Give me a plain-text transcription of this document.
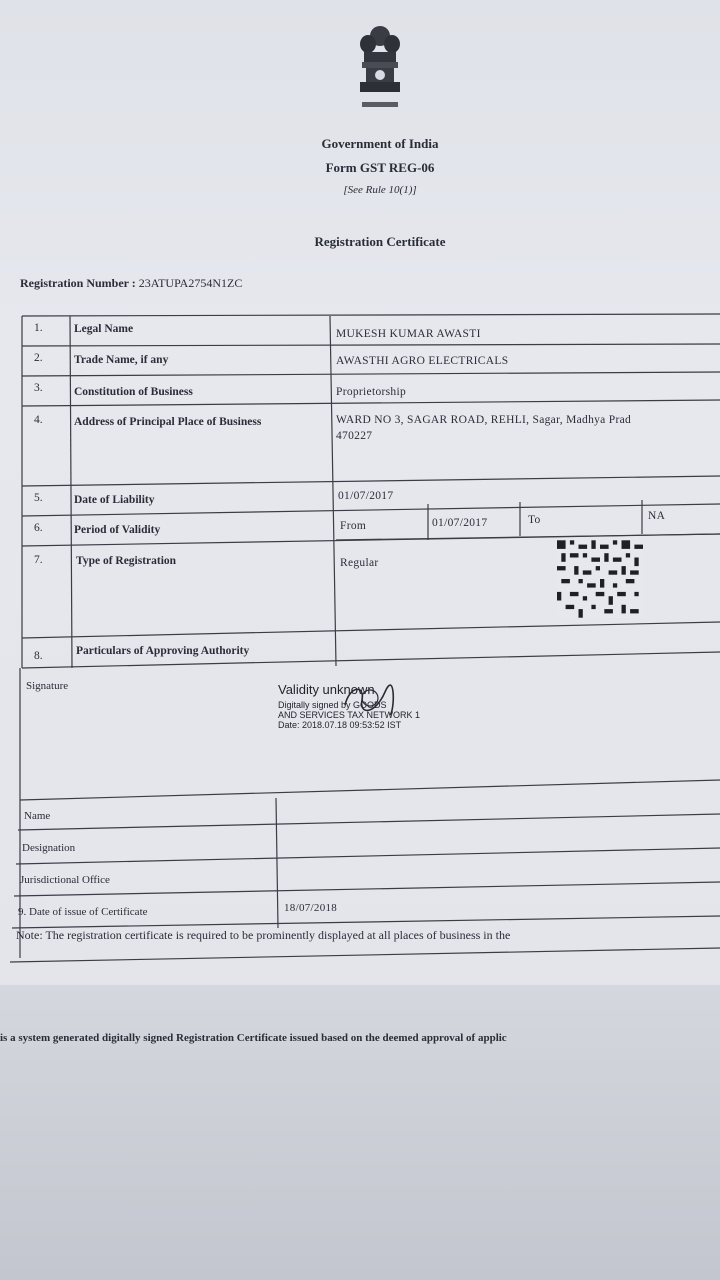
Government of India
Form GST REG-06
[See Rule 10(1)]
Registration Certificate
Registration Number : 23ATUPA2754N1ZC
1.	Legal Name	MUKESH KUMAR AWASTI
2.	Trade Name, if any	AWASTHI AGRO ELECTRICALS
3.	Constitution of Business	Proprietorship
4.	Address of Principal Place of Business	WARD NO 3, SAGAR ROAD, REHLI, Sagar, Madhya Prad
470227
5.	Date of Liability	01/07/2017
6.	Period of Validity	From	01/07/2017	To	NA
7.	Type of Registration	Regular
8.	Particulars of Approving Authority
Signature	Validity unknown
Digitally signed by GOODS
AND SERVICES TAX NETWORK 1
Date: 2018.07.18 09:53:52 IST
Name
Designation
Jurisdictional Office
9. Date of issue of Certificate	18/07/2018
Note: The registration certificate is required to be prominently displayed at all places of business in the
is a system generated digitally signed Registration Certificate issued based on the deemed approval of applic
